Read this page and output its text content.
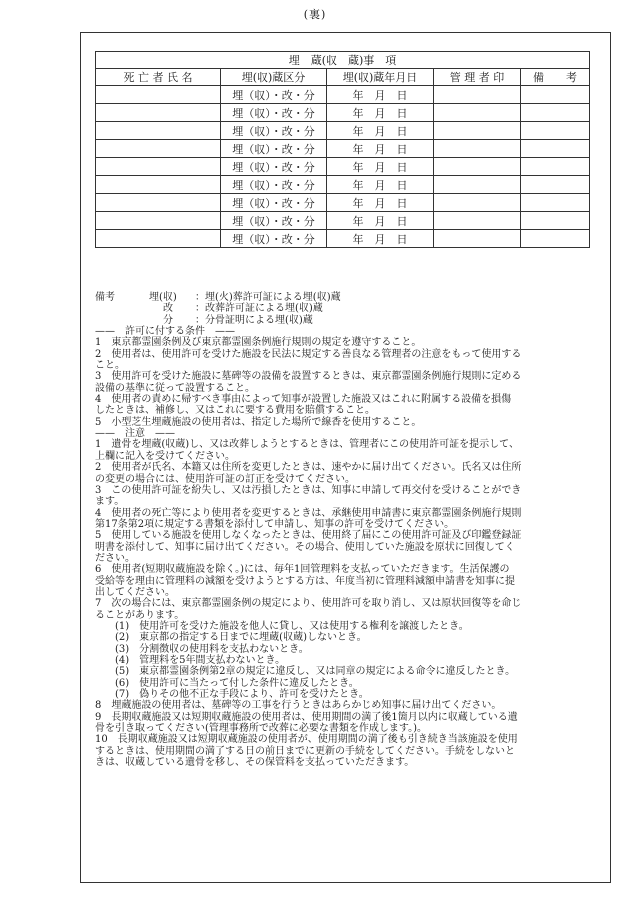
(裏)
埋　蔵(収　蔵)事　項				
死 亡 者 氏 名	埋(収)蔵区分	埋(収)蔵年月日	管 理 者 印	備　　考
	埋（収）・改・分	年　月　日		
	埋（収）・改・分	年　月　日		
	埋（収）・改・分	年　月　日		
	埋（収）・改・分	年　月　日		
	埋（収）・改・分	年　月　日		
	埋（収）・改・分	年　月　日		
	埋（収）・改・分	年　月　日		
	埋（収）・改・分	年　月　日		
	埋（収）・改・分	年　月　日		
備考	埋(収) ：埋(火)葬許可証による埋(収)蔵
改 ：改葬許可証による埋(収)蔵
分 ：分骨証明による埋(収)蔵
——　許可に付する条件　——
1　東京都霊園条例及び東京都霊園条例施行規則の規定を遵守すること。
2　使用者は、使用許可を受けた施設を民法に規定する善良なる管理者の注意をもって使用する
こと。
3　使用許可を受けた施設に墓碑等の設備を設置するときは、東京都霊園条例施行規則に定める
設備の基準に従って設置すること。
4　使用者の責めに帰すべき事由によって知事が設置した施設又はこれに附属する設備を損傷
したときは、補修し、又はこれに要する費用を賠償すること。
5　小型芝生埋蔵施設の使用者は、指定した場所で線香を使用すること。
——　注意　——
1　遺骨を埋蔵(収蔵)し、又は改葬しようとするときは、管理者にこの使用許可証を提示して、
上欄に記入を受けてください。
2　使用者が氏名、本籍又は住所を変更したときは、速やかに届け出てください。氏名又は住所
の変更の場合には、使用許可証の訂正を受けてください。
3　この使用許可証を紛失し、又は汚損したときは、知事に申請して再交付を受けることができ
ます。
4　使用者の死亡等により使用者を変更するときは、承継使用申請書に東京都霊園条例施行規則
第17条第2項に規定する書類を添付して申請し、知事の許可を受けてください。
5　使用している施設を使用しなくなったときは、使用終了届にこの使用許可証及び印鑑登録証
明書を添付して、知事に届け出てください。その場合、使用していた施設を原状に回復してく
ださい。
6　使用者(短期収蔵施設を除く。)には、毎年1回管理料を支払っていただきます。生活保護の
受給等を理由に管理料の減額を受けようとする方は、年度当初に管理料減額申請書を知事に提
出してください。
7　次の場合には、東京都霊園条例の規定により、使用許可を取り消し、又は原状回復等を命じ
ることがあります。
(1)　使用許可を受けた施設を他人に貸し、又は使用する権利を譲渡したとき。
(2)　東京都の指定する日までに埋蔵(収蔵)しないとき。
(3)　分割徴収の使用料を支払わないとき。
(4)　管理料を5年間支払わないとき。
(5)　東京都霊園条例第2章の規定に違反し、又は同章の規定による命令に違反したとき。
(6)　使用許可に当たって付した条件に違反したとき。
(7)　偽りその他不正な手段により、許可を受けたとき。
8　埋蔵施設の使用者は、墓碑等の工事を行うときはあらかじめ知事に届け出てください。
9　長期収蔵施設又は短期収蔵施設の使用者は、使用期間の満了後1箇月以内に収蔵している遺
骨を引き取ってください(管理事務所で改葬に必要な書類を作成します。)。
10　長期収蔵施設又は短期収蔵施設の使用者が、使用期間の満了後も引き続き当該施設を使用
するときは、使用期間の満了する日の前日までに更新の手続をしてください。手続をしないと
きは、収蔵している遺骨を移し、その保管料を支払っていただきます。
